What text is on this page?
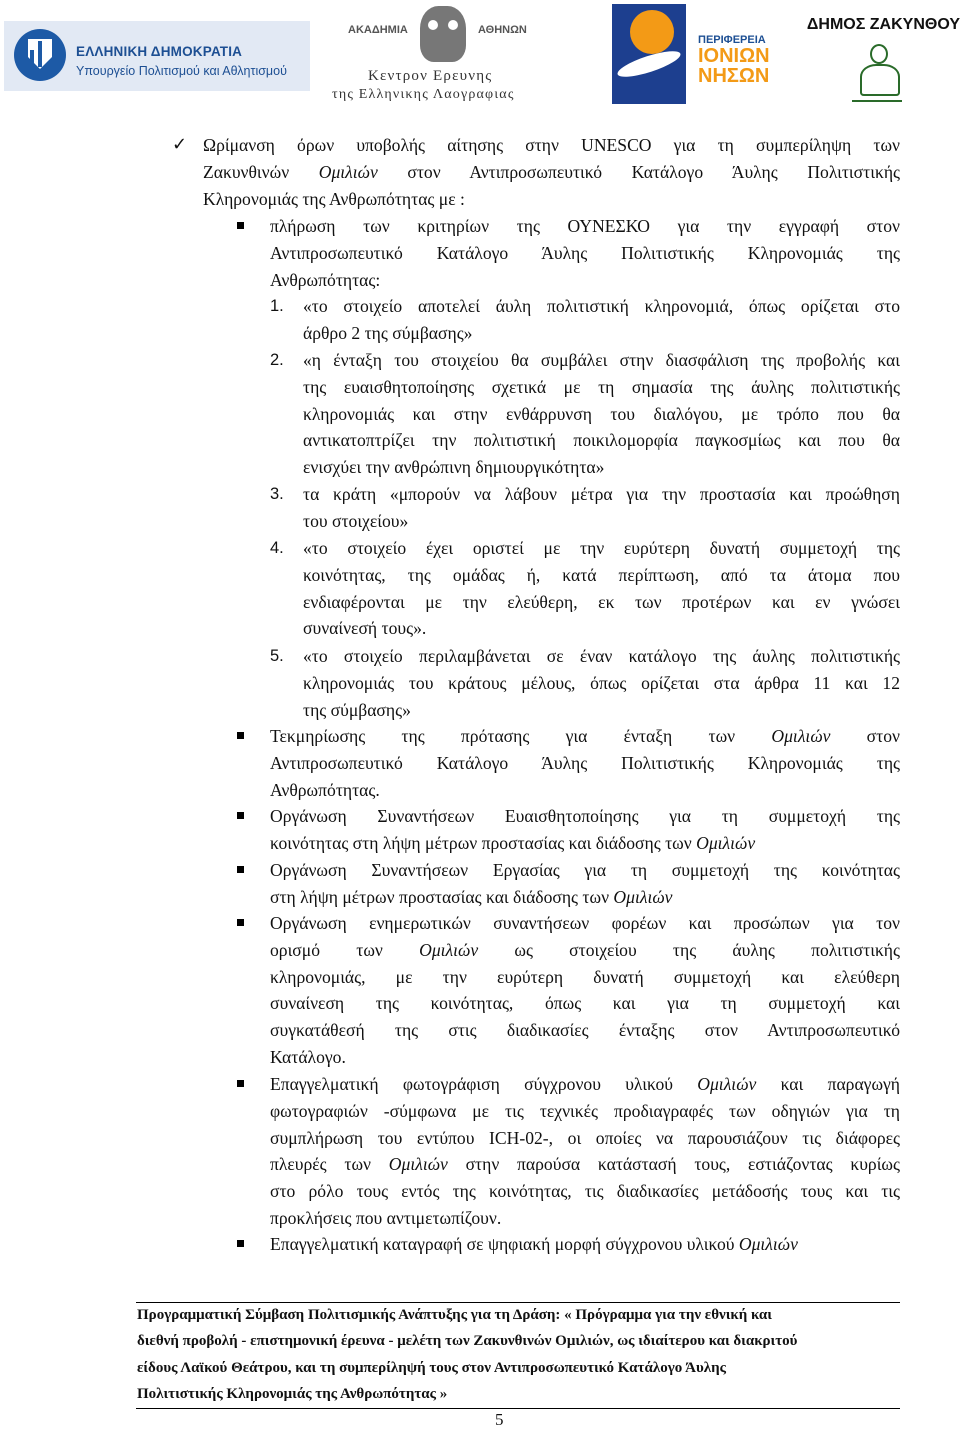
ΕΛΛΗΝΙΚΗ ΔΗΜΟΚΡΑΤΙΑ
Υπουργείο Πολιτισμού και Αθλητισμού
ΑΚΑΔΗΜΙΑ	ΑΘΗΝΩΝ
Κεντρον Ερευνης
της Ελληνικης Λαογραφιας
ΠΕΡΙΦΕΡΕΙΑ
ΙΟΝΙΩΝ ΝΗΣΩΝ
ΔΗΜΟΣ ΖΑΚΥΝΘΟΥ
✓ Ωρίμανση όρων υποβολής αίτησης στην UNESCO για τη συμπερίληψη των
Ζακυνθινών Ομιλιών στον Αντιπροσωπευτικό Κατάλογο Άυλης Πολιτιστικής
Κληρονομιάς της Ανθρωπότητας με :
πλήρωση των κριτηρίων της ΟΥΝΕΣΚΟ για την εγγραφή στον
Αντιπροσωπευτικό Κατάλογο Άυλης Πολιτιστικής Κληρονομιάς της
Ανθρωπότητας:
1. «το στοιχείο αποτελεί άυλη πολιτιστική κληρονομιά, όπως ορίζεται στο
άρθρο 2 της σύμβασης»
2. «η ένταξη του στοιχείου θα συμβάλει στην διασφάλιση της προβολής και
της ευαισθητοποίησης σχετικά με τη σημασία της άυλης πολιτιστικής
κληρονομιάς και στην ενθάρρυνση του διαλόγου, με τρόπο που θα
αντικατοπτρίζει την πολιτιστική ποικιλομορφία παγκοσμίως και που θα
ενισχύει την ανθρώπινη δημιουργικότητα»
3. τα κράτη «μπορούν να λάβουν μέτρα για την προστασία και προώθηση
του στοιχείου»
4. «το στοιχείο έχει οριστεί με την ευρύτερη δυνατή συμμετοχή της
κοινότητας, της ομάδας ή, κατά περίπτωση, από τα άτομα που
ενδιαφέρονται με την ελεύθερη, εκ των προτέρων και εν γνώσει
συναίνεσή τους».
5. «το στοιχείο περιλαμβάνεται σε έναν κατάλογο της άυλης πολιτιστικής
κληρονομιάς του κράτους μέλους, όπως ορίζεται στα άρθρα 11 και 12
της σύμβασης»
Τεκμηρίωσης της πρότασης για ένταξη των Ομιλιών στον
Αντιπροσωπευτικό Κατάλογο Άυλης Πολιτιστικής Κληρονομιάς της
Ανθρωπότητας.
Οργάνωση Συναντήσεων Ευαισθητοποίησης για τη συμμετοχή της
κοινότητας στη λήψη μέτρων προστασίας και διάδοσης των Ομιλιών
Οργάνωση Συναντήσεων Εργασίας για τη συμμετοχή της κοινότητας
στη λήψη μέτρων προστασίας και διάδοσης των Ομιλιών
Οργάνωση ενημερωτικών συναντήσεων φορέων και προσώπων για τον
ορισμό των Ομιλιών ως στοιχείου της άυλης πολιτιστικής
κληρονομιάς, με την ευρύτερη δυνατή συμμετοχή και ελεύθερη
συναίνεση της κοινότητας, όπως και για τη συμμετοχή και
συγκατάθεσή της στις διαδικασίες ένταξης στον Αντιπροσωπευτικό
Κατάλογο.
Επαγγελματική φωτογράφιση σύγχρονου υλικού Ομιλιών και παραγωγή
φωτογραφιών -σύμφωνα με τις τεχνικές προδιαγραφές των οδηγιών για τη
συμπλήρωση του εντύπου ICH-02-, οι οποίες να παρουσιάζουν τις διάφορες
πλευρές των Ομιλιών στην παρούσα κατάστασή τους, εστιάζοντας κυρίως
στο ρόλο τους εντός της κοινότητας, τις διαδικασίες μετάδοσής τους και τις
προκλήσεις που αντιμετωπίζουν.
Επαγγελματική καταγραφή σε ψηφιακή μορφή σύγχρονου υλικού Ομιλιών
Προγραμματική Σύμβαση Πολιτισμικής Ανάπτυξης για τη Δράση: « Πρόγραμμα για την εθνική και
διεθνή προβολή - επιστημονική έρευνα - μελέτη των Ζακυνθινών Ομιλιών, ως ιδιαίτερου και διακριτού
είδους Λαϊκού Θεάτρου, και τη συμπερίληψή τους στον Αντιπροσωπευτικό Κατάλογο Άυλης
Πολιτιστικής Κληρονομιάς της Ανθρωπότητας »
5
